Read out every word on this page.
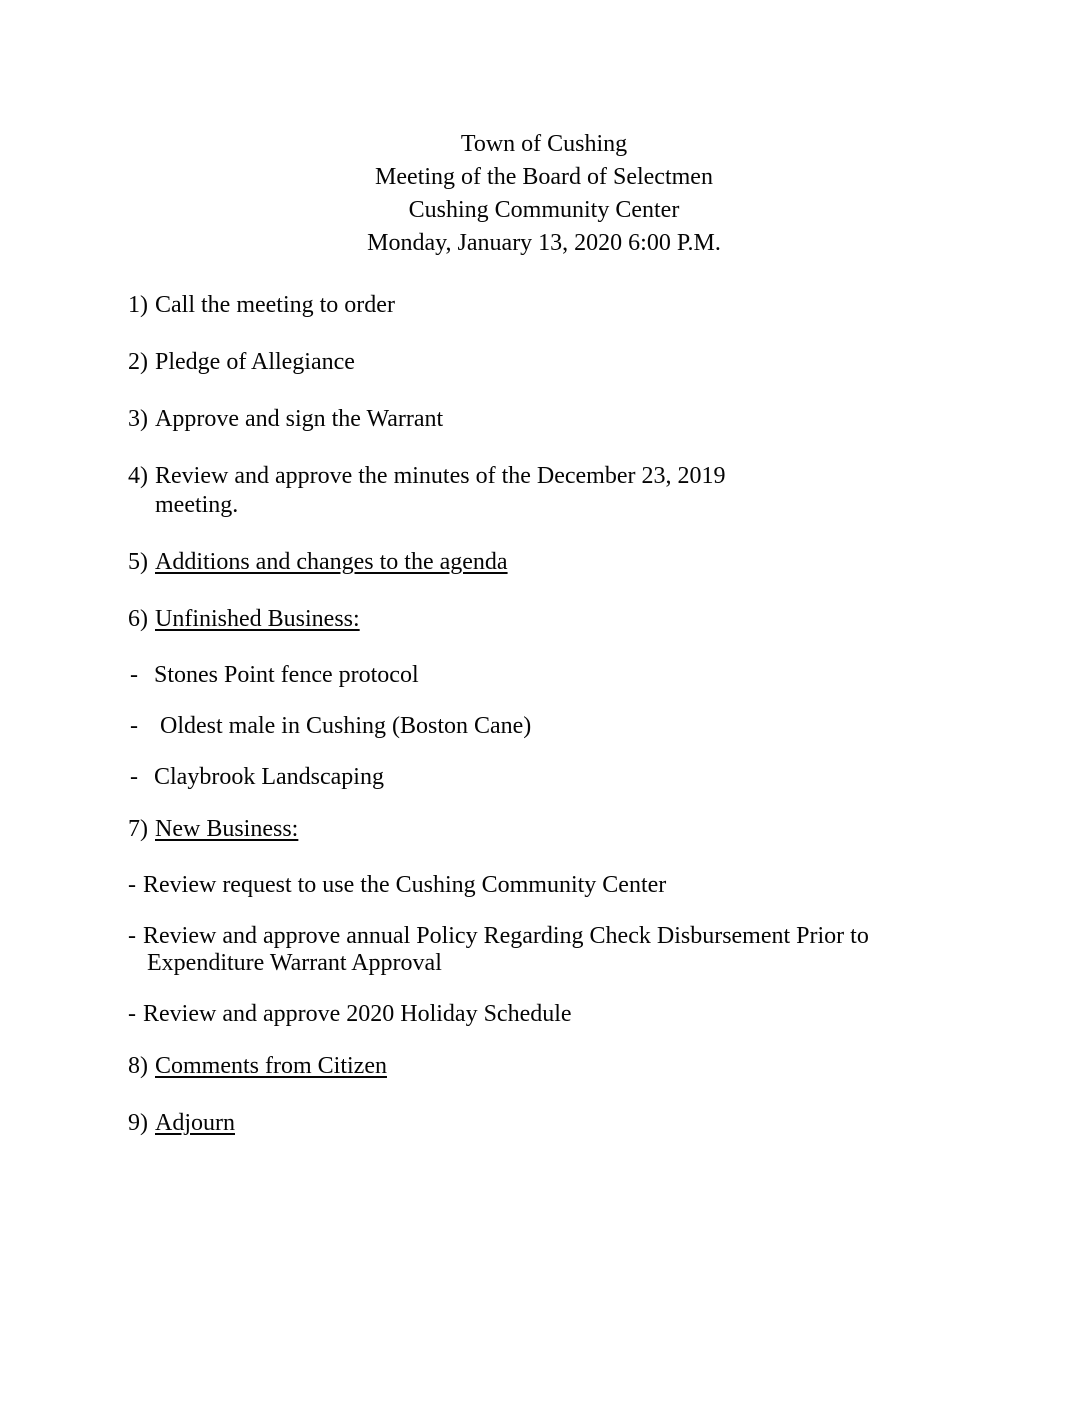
Town of Cushing
Meeting of the Board of Selectmen
Cushing Community Center
Monday, January 13, 2020 6:00 P.M.

1) Call the meeting to order

2) Pledge of Allegiance

3) Approve and sign the Warrant

4) Review and approve the minutes of the December 23, 2019
meeting.

5) Additions and changes to the agenda

6) Unfinished Business:

- Stones Point fence protocol

- Oldest male in Cushing (Boston Cane)

- Claybrook Landscaping

7) New Business:

- Review request to use the Cushing Community Center

- Review and approve annual Policy Regarding Check Disbursement Prior to
Expenditure Warrant Approval

- Review and approve 2020 Holiday Schedule

8) Comments from Citizen

9) Adjourn
